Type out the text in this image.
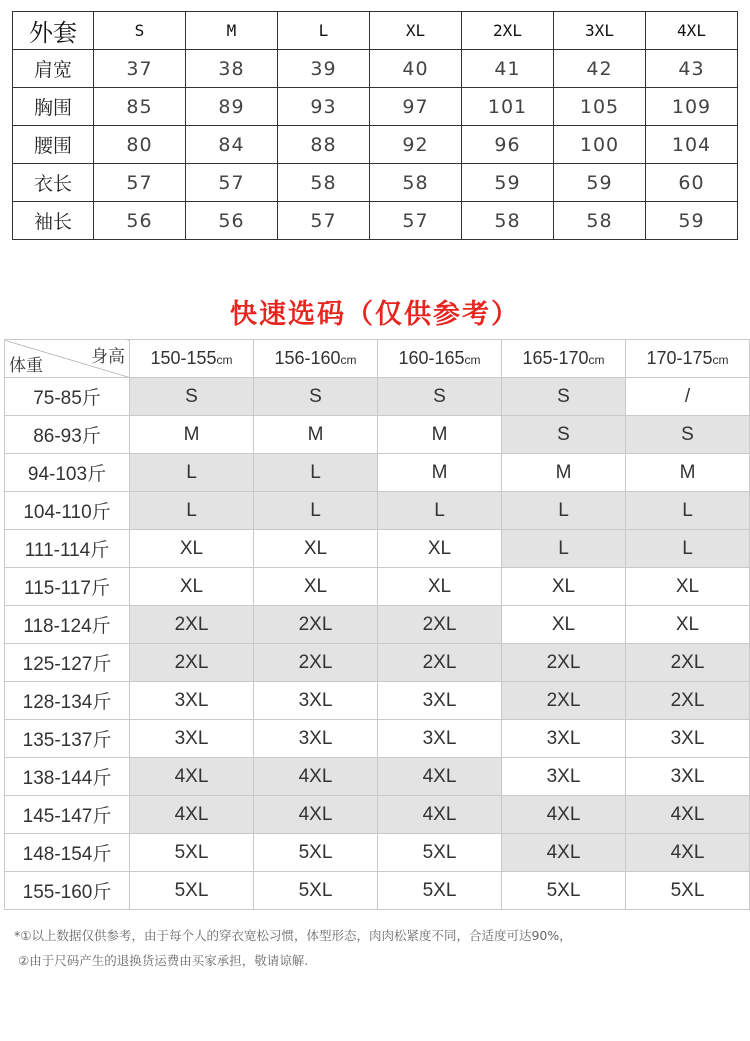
外套	S	M	L	XL	2XL	3XL	4XL
肩宽	37	38	39	40	41	42	43
胸围	85	89	93	97	101	105	109
腰围	80	84	88	92	96	100	104
衣长	57	57	58	58	59	59	60
袖长	56	56	57	57	58	58	59
快速选码（仅供参考）
身高
体重	150-155cm	156-160cm	160-165cm	165-170cm	170-175cm
75-85斤	S	S	S	S	/
86-93斤	M	M	M	S	S
94-103斤	L	L	M	M	M
104-110斤	L	L	L	L	L
111-114斤	XL	XL	XL	L	L
115-117斤	XL	XL	XL	XL	XL
118-124斤	2XL	2XL	2XL	XL	XL
125-127斤	2XL	2XL	2XL	2XL	2XL
128-134斤	3XL	3XL	3XL	2XL	2XL
135-137斤	3XL	3XL	3XL	3XL	3XL
138-144斤	4XL	4XL	4XL	3XL	3XL
145-147斤	4XL	4XL	4XL	4XL	4XL
148-154斤	5XL	5XL	5XL	4XL	4XL
155-160斤	5XL	5XL	5XL	5XL	5XL
*①以上数据仅供参考，由于每个人的穿衣宽松习惯，体型形态，肉肉松紧度不同，合适度可达90%，
②由于尺码产生的退换货运费由买家承担，敬请谅解.
